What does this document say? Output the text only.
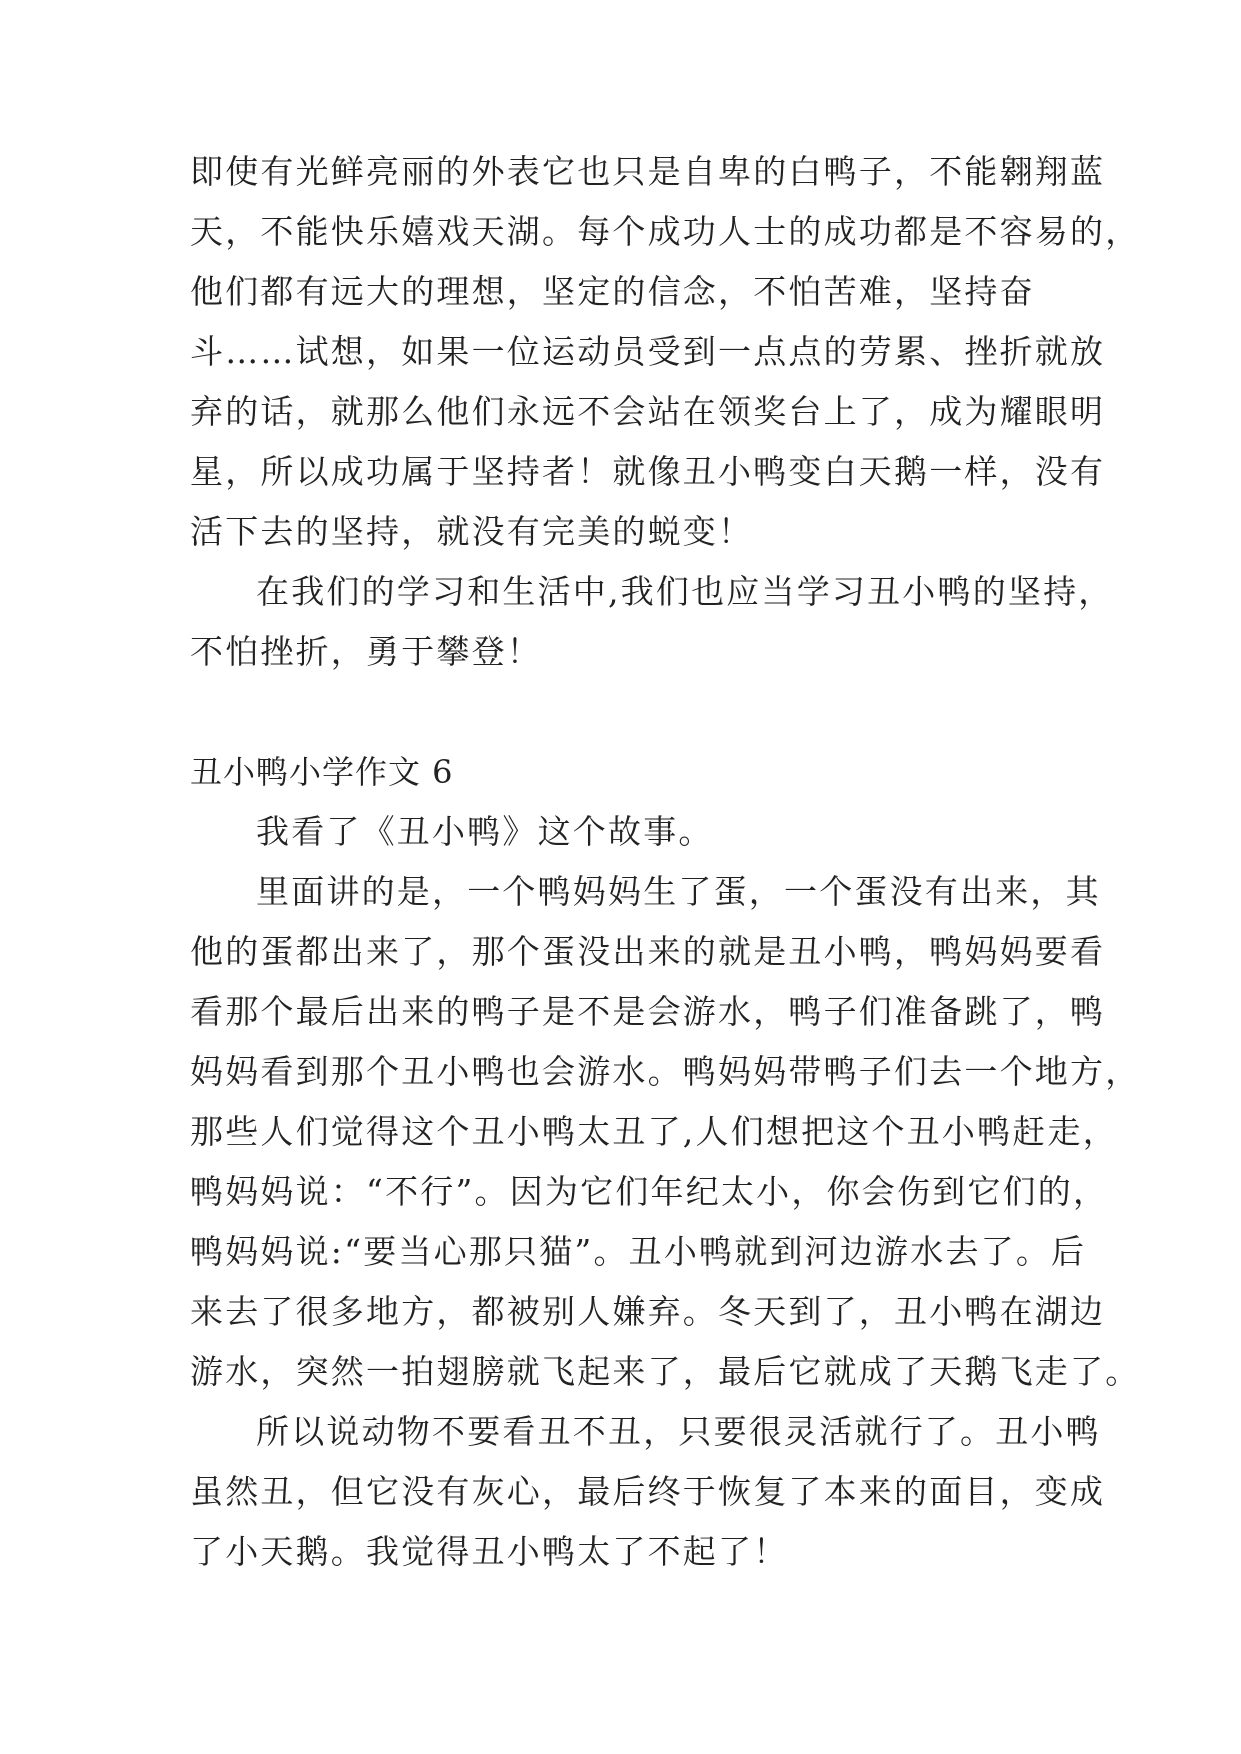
即使有光鲜亮丽的外表它也只是自卑的白鸭子，不能翱翔蓝
天，不能快乐嬉戏天湖。每个成功人士的成功都是不容易的，
他们都有远大的理想，坚定的信念，不怕苦难，坚持奋
斗……试想，如果一位运动员受到一点点的劳累、挫折就放
弃的话，就那么他们永远不会站在领奖台上了，成为耀眼明
星，所以成功属于坚持者！就像丑小鸭变白天鹅一样，没有
活下去的坚持，就没有完美的蜕变！
在我们的学习和生活中,我们也应当学习丑小鸭的坚持，
不怕挫折，勇于攀登！
丑小鸭小学作文 6
我看了《丑小鸭》这个故事。
里面讲的是，一个鸭妈妈生了蛋，一个蛋没有出来，其
他的蛋都出来了，那个蛋没出来的就是丑小鸭，鸭妈妈要看
看那个最后出来的鸭子是不是会游水，鸭子们准备跳了，鸭
妈妈看到那个丑小鸭也会游水。鸭妈妈带鸭子们去一个地方，
那些人们觉得这个丑小鸭太丑了,人们想把这个丑小鸭赶走，
鸭妈妈说：“不行”。因为它们年纪太小，你会伤到它们的，
鸭妈妈说:“要当心那只猫”。丑小鸭就到河边游水去了。后
来去了很多地方，都被别人嫌弃。冬天到了，丑小鸭在湖边
游水，突然一拍翅膀就飞起来了，最后它就成了天鹅飞走了。
所以说动物不要看丑不丑，只要很灵活就行了。丑小鸭
虽然丑，但它没有灰心，最后终于恢复了本来的面目，变成
了小天鹅。我觉得丑小鸭太了不起了！
